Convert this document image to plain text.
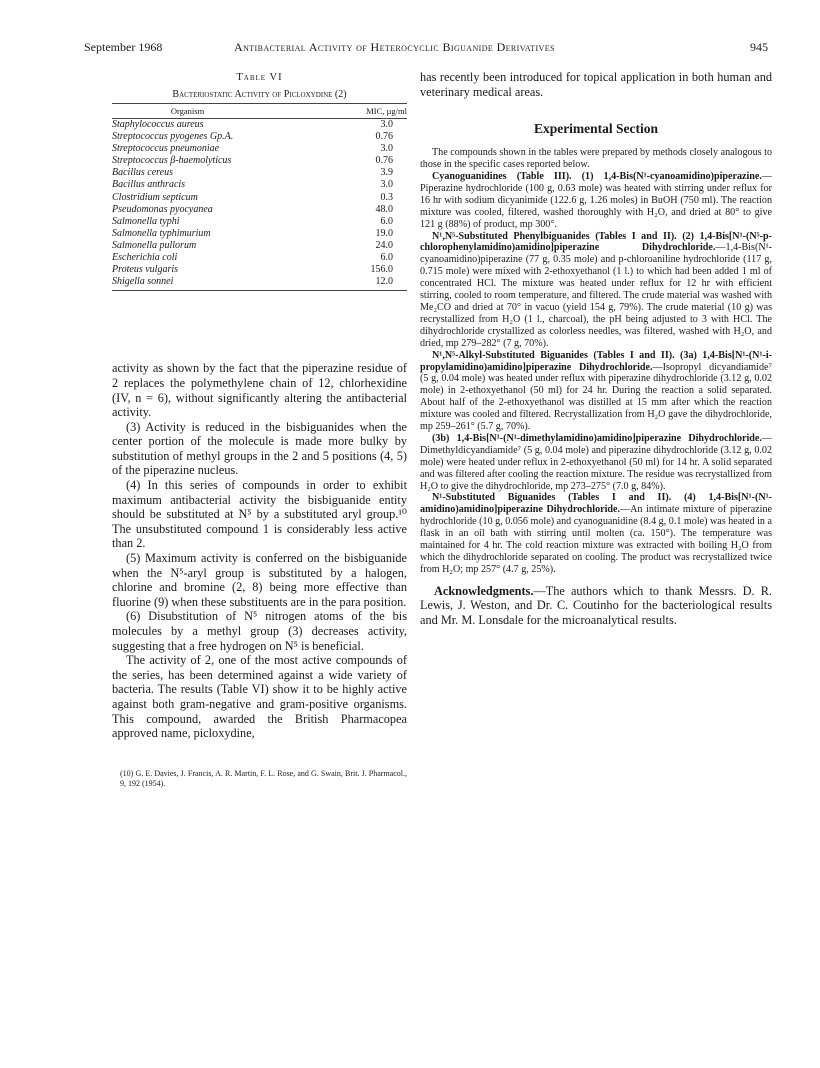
September 1968	Antibacterial Activity of Heterocyclic Biguanide Derivatives	945
Table VI
Bacteriostatic Activity of Picloxydine (2)
Organism	MIC, µg/ml
Staphylococcus aureus	3.0
Streptococcus pyogenes Gp.A.	0.76
Streptococcus pneumoniae	3.0
Streptococcus β-haemolyticus	0.76
Bacillus cereus	3.9
Bacillus anthracis	3.0
Clostridium septicum	0.3
Pseudomonas pyocyanea	48.0
Salmonella typhi	6.0
Salmonella typhimurium	19.0
Salmonella pullorum	24.0
Escherichia coli	6.0
Proteus vulgaris	156.0
Shigella sonnei	12.0

activity as shown by the fact that the piperazine residue of 2 replaces the polymethylene chain of 12, chlorhexidine (IV, n = 6), without significantly altering the antibacterial activity.

(3) Activity is reduced in the bisbiguanides when the center portion of the molecule is made more bulky by substitution of methyl groups in the 2 and 5 positions (4, 5) of the piperazine nucleus.

(4) In this series of compounds in order to exhibit maximum antibacterial activity the bisbiguanide entity should be substituted at N⁵ by a substituted aryl group.¹⁰ The unsubstituted compound 1 is considerably less active than 2.

(5) Maximum activity is conferred on the bisbiguanide when the N⁵-aryl group is substituted by a halogen, chlorine and bromine (2, 8) being more effective than fluorine (9) when these substituents are in the para position.

(6) Disubstitution of N⁵ nitrogen atoms of the bis molecules by a methyl group (3) decreases activity, suggesting that a free hydrogen on N⁵ is beneficial.

The activity of 2, one of the most active compounds of the series, has been determined against a wide variety of bacteria. The results (Table VI) show it to be highly active against both gram-negative and gram-positive organisms. This compound, awarded the British Pharmacopea approved name, picloxydine,

(10) G. E. Davies, J. Francis, A. R. Martin, F. L. Rose, and G. Swain, Brit. J. Pharmacol., 9, 192 (1954).

has recently been introduced for topical application in both human and veterinary medical areas.

Experimental Section

The compounds shown in the tables were prepared by methods closely analogous to those in the specific cases reported below.

Cyanoguanidines (Table III). (1) 1,4-Bis(N¹-cyanoamidino)piperazine.—Piperazine hydrochloride (100 g, 0.63 mole) was heated with stirring under reflux for 16 hr with sodium dicyanimide (122.6 g, 1.26 moles) in BuOH (750 ml). The reaction mixture was cooled, filtered, washed thoroughly with H₂O, and dried at 80° to give 121 g (88%) of product, mp 300°.

N¹,N⁵-Substituted Phenylbiguanides (Tables I and II). (2) 1,4-Bis[N¹-(N⁵-p-chlorophenylamidino)amidino]piperazine Dihydrochloride.—1,4-Bis(N¹-cyanoamidino)piperazine (77 g, 0.35 mole) and p-chloroaniline hydrochloride (117 g, 0.715 mole) were mixed with 2-ethoxyethanol (1 l.) to which had been added 1 ml of concentrated HCl. The mixture was heated under reflux for 12 hr with efficient stirring, cooled to room temperature, and filtered. The crude material was washed with Me₂CO and dried at 70° in vacuo (yield 154 g, 79%). The crude material (10 g) was recrystallized from H₂O (1 l., charcoal), the pH being adjusted to 3 with HCl. The dihydrochloride crystallized as colorless needles, was filtered, washed with H₂O, and dried, mp 279–282° (7 g, 70%).

N¹,N⁵-Alkyl-Substituted Biguanides (Tables I and II). (3a) 1,4-Bis[N¹-(N¹-i-propylamidino)amidino]piperazine Dihydrochloride.—Isopropyl dicyandiamide⁷ (5 g, 0.04 mole) was heated under reflux with piperazine dihydrochloride (3.12 g, 0.02 mole) in 2-ethoxyethanol (50 ml) for 24 hr. During the reaction a solid separated. About half of the 2-ethoxyethanol was distilled at 15 mm after which the reaction mixture was cooled and filtered. Recrystallization from H₂O gave the dihydrochloride, mp 259–261° (5.7 g, 70%).

(3b) 1,4-Bis[N¹-(N¹-dimethylamidino)amidino]piperazine Dihydrochloride.—Dimethyldicyandiamide⁷ (5 g, 0.04 mole) and piperazine dihydrochloride (3.12 g, 0.02 mole) were heated under reflux in 2-ethoxyethanol (50 ml) for 14 hr. A solid separated and was filtered after cooling the reaction mixture. The residue was recrystallized from H₂O to give the dihydrochloride, mp 273–275° (7.0 g, 84%).

N¹-Substituted Biguanides (Tables I and II). (4) 1,4-Bis[N¹-(N¹-amidino)amidino]piperazine Dihydrochloride.—An intimate mixture of piperazine hydrochloride (10 g, 0.056 mole) and cyanoguanidine (8.4 g, 0.1 mole) was heated in a flask in an oil bath with stirring until molten (ca. 150°). The temperature was maintained for 4 hr. The cold reaction mixture was extracted with boiling H₂O from which the dihydrochloride separated on cooling. The product was recrystallized twice from H₂O; mp 257° (4.7 g, 25%).

Acknowledgments.—The authors which to thank Messrs. D. R. Lewis, J. Weston, and Dr. C. Coutinho for the bacteriological results and Mr. M. Lonsdale for the microanalytical results.
